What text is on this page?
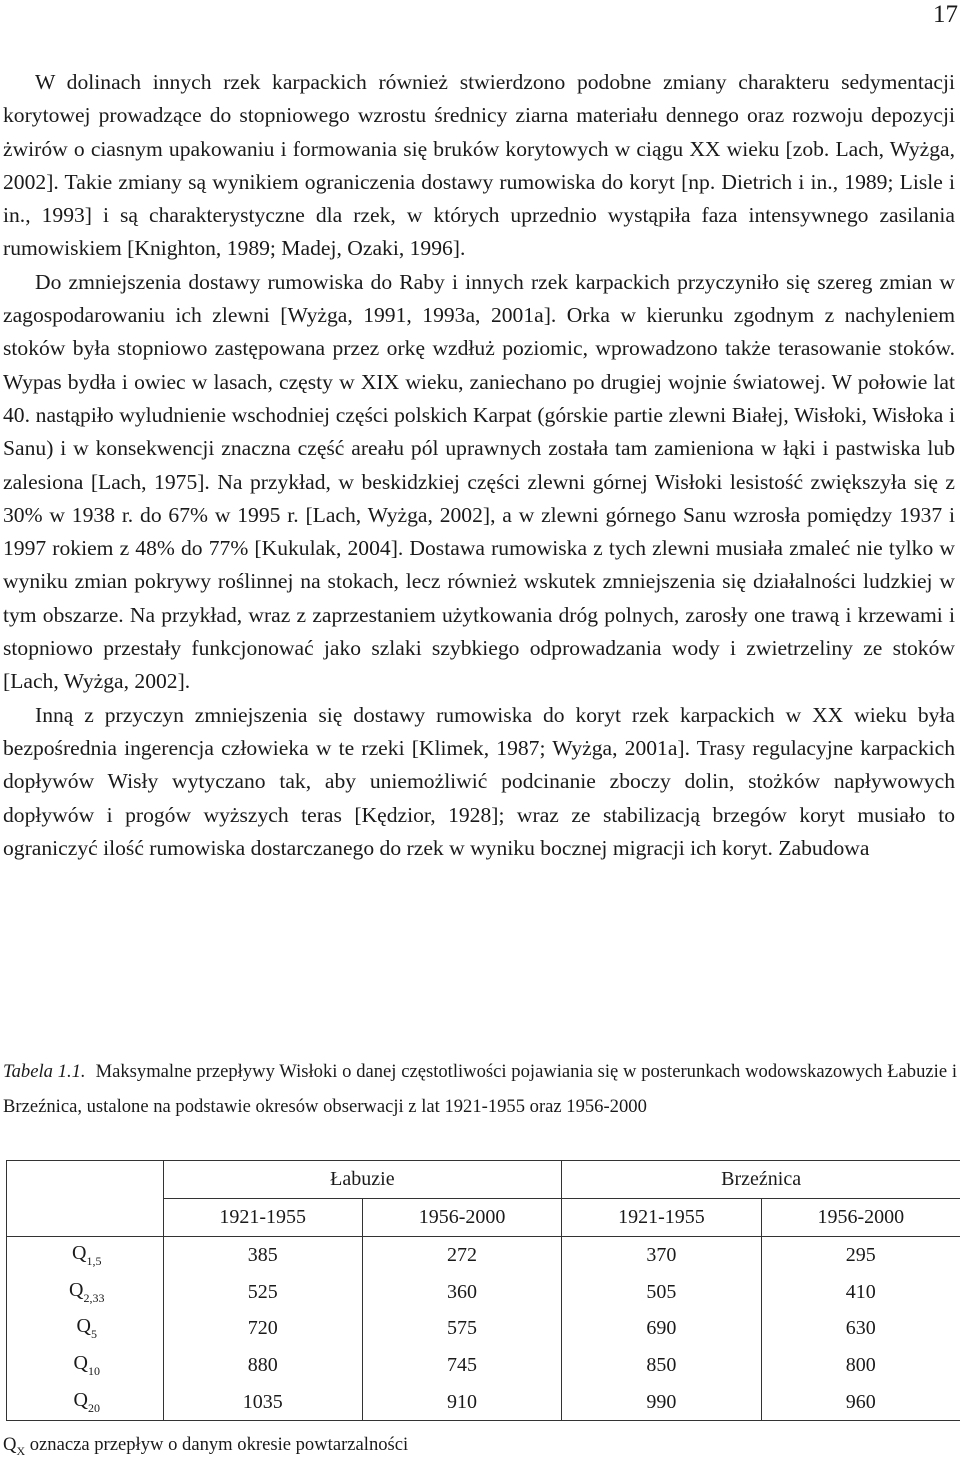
17

W dolinach innych rzek karpackich również stwierdzono podobne zmiany charakteru sedymentacji korytowej prowadzące do stopniowego wzrostu średnicy ziarna materiału dennego oraz rozwoju depozycji żwirów o ciasnym upakowaniu i formowania się bruków korytowych w ciągu XX wieku [zob. Lach, Wyżga, 2002]. Takie zmiany są wynikiem ograniczenia dostawy rumowiska do koryt [np. Dietrich i in., 1989; Lisle i in., 1993] i są charakterystyczne dla rzek, w których uprzednio wystąpiła faza intensywnego zasilania rumowiskiem [Knighton, 1989; Madej, Ozaki, 1996].

Do zmniejszenia dostawy rumowiska do Raby i innych rzek karpackich przyczyniło się szereg zmian w zagospodarowaniu ich zlewni [Wyżga, 1991, 1993a, 2001a]. Orka w kierunku zgodnym z nachyleniem stoków była stopniowo zastępowana przez orkę wzdłuż poziomic, wprowadzono także terasowanie stoków. Wypas bydła i owiec w lasach, częsty w XIX wieku, zaniechano po drugiej wojnie światowej. W połowie lat 40. nastąpiło wyludnienie wschodniej części polskich Karpat (górskie partie zlewni Białej, Wisłoki, Wisłoka i Sanu) i w konsekwencji znaczna część areału pól uprawnych została tam zamieniona w łąki i pastwiska lub zalesiona [Lach, 1975]. Na przykład, w beskidzkiej części zlewni górnej Wisłoki lesistość zwiększyła się z 30% w 1938 r. do 67% w 1995 r. [Lach, Wyżga, 2002], a w zlewni górnego Sanu wzrosła pomiędzy 1937 i 1997 rokiem z 48% do 77% [Kukulak, 2004]. Dostawa rumowiska z tych zlewni musiała zmaleć nie tylko w wyniku zmian pokrywy roślinnej na stokach, lecz również wskutek zmniejszenia się działalności ludzkiej w tym obszarze. Na przykład, wraz z zaprzestaniem użytkowania dróg polnych, zarosły one trawą i krzewami i stopniowo przestały funkcjonować jako szlaki szybkiego odprowadzania wody i zwietrzeliny ze stoków [Lach, Wyżga, 2002].

Inną z przyczyn zmniejszenia się dostawy rumowiska do koryt rzek karpackich w XX wieku była bezpośrednia ingerencja człowieka w te rzeki [Klimek, 1987; Wyżga, 2001a]. Trasy regulacyjne karpackich dopływów Wisły wytyczano tak, aby uniemożliwić podcinanie zboczy dolin, stożków napływowych dopływów i progów wyższych teras [Kędzior, 1928]; wraz ze stabilizacją brzegów koryt musiało to ograniczyć ilość rumowiska dostarczanego do rzek w wyniku bocznej migracji ich koryt. Zabudowa

Tabela 1.1. Maksymalne przepływy Wisłoki o danej częstotliwości pojawiania się w posterunkach wodowskazowych Łabuzie i Brzeźnica, ustalone na podstawie okresów obserwacji z lat 1921-1955 oraz 1956-2000
	Łabuzie		Brzeźnica	
	1921-1955	1956-2000	1921-1955	1956-2000
$Q_{1,5}$	385	272	370	295
$Q_{2,33}$	525	360	505	410
$Q_5$	720	575	690	630
$Q_{10}$	880	745	850	800
$Q_{20}$	1035	910	990	960
$Q_X$ oznacza przepływ o danym okresie powtarzalności
